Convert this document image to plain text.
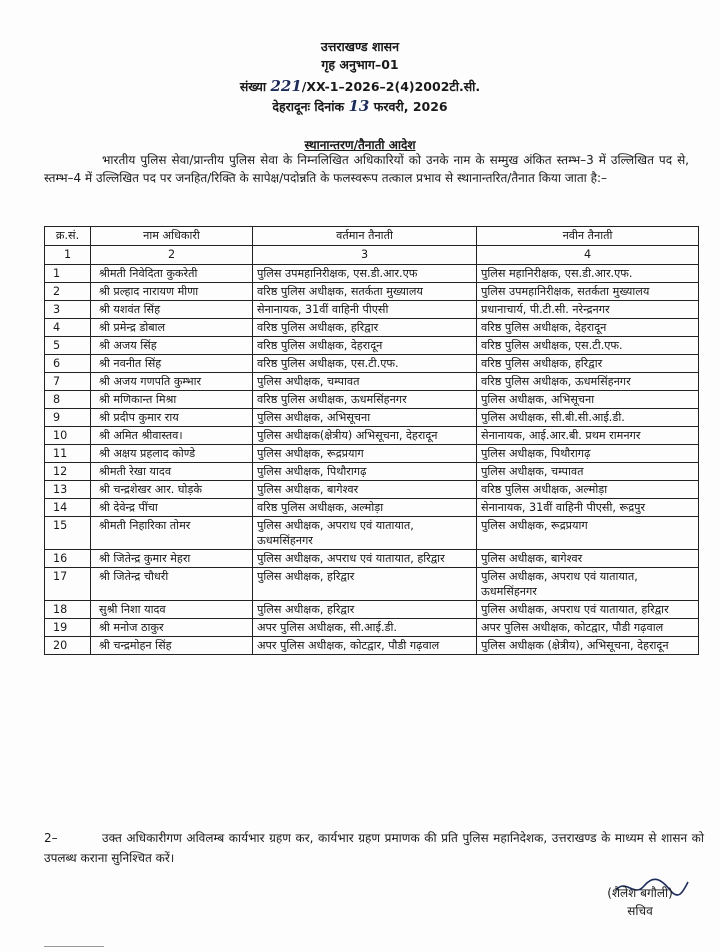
उत्तराखण्ड शासन
गृह अनुभाग–01
संख्या 221/XX-1–2026–2(4)2002टी.सी.
देहरादूनः दिनांक 13 फरवरी, 2026
स्थानान्तरण/तैनाती आदेश
भारतीय पुलिस सेवा/प्रान्तीय पुलिस सेवा के निम्नलिखित अधिकारियों को उनके नाम के सम्मुख अंकित स्तम्भ–3 में उल्लिखित पद से, स्तम्भ–4 में उल्लिखित पद पर जनहित/रिक्ति के सापेक्ष/पदोन्नति के फलस्वरूप तत्काल प्रभाव से स्थानान्तरित/तैनात किया जाता है:–
क्र.सं.	नाम अधिकारी	वर्तमान तैनाती	नवीन तैनाती
1	2	3	4
1	श्रीमती निवेदिता कुकरेती	पुलिस उपमहानिरीक्षक, एस.डी.आर.एफ	पुलिस महानिरीक्षक, एस.डी.आर.एफ.
2	श्री प्रल्हाद नारायण मीणा	वरिष्ठ पुलिस अधीक्षक, सतर्कता मुख्यालय	पुलिस उपमहानिरीक्षक, सतर्कता मुख्यालय
3	श्री यशवंत सिंह	सेनानायक, 31वीं वाहिनी पीएसी	प्रधानाचार्य, पी.टी.सी. नरेन्द्रनगर
4	श्री प्रमेन्द्र डोबाल	वरिष्ठ पुलिस अधीक्षक, हरिद्वार	वरिष्ठ पुलिस अधीक्षक, देहरादून
5	श्री अजय सिंह	वरिष्ठ पुलिस अधीक्षक, देहरादून	वरिष्ठ पुलिस अधीक्षक, एस.टी.एफ.
6	श्री नवनीत सिंह	वरिष्ठ पुलिस अधीक्षक, एस.टी.एफ.	वरिष्ठ पुलिस अधीक्षक, हरिद्वार
7	श्री अजय गणपति कुम्भार	पुलिस अधीक्षक, चम्पावत	वरिष्ठ पुलिस अधीक्षक, ऊधमसिंहनगर
8	श्री मणिकान्त मिश्रा	वरिष्ठ पुलिस अधीक्षक, ऊधमसिंहनगर	पुलिस अधीक्षक, अभिसूचना
9	श्री प्रदीप कुमार राय	पुलिस अधीक्षक, अभिसूचना	पुलिस अधीक्षक, सी.बी.सी.आई.डी.
10	श्री अमित श्रीवास्तव।	पुलिस अधीक्षक(क्षेत्रीय) अभिसूचना, देहरादून	सेनानायक, आई.आर.बी. प्रथम रामनगर
11	श्री अक्षय प्रहलाद कोण्डे	पुलिस अधीक्षक, रूद्रप्रयाग	पुलिस अधीक्षक, पिथौरागढ़
12	श्रीमती रेखा यादव	पुलिस अधीक्षक, पिथौरागढ़	पुलिस अधीक्षक, चम्पावत
13	श्री चन्द्रशेखर आर. घोड़के	पुलिस अधीक्षक, बागेश्वर	वरिष्ठ पुलिस अधीक्षक, अल्मोड़ा
14	श्री देवेन्द्र पींचा	वरिष्ठ पुलिस अधीक्षक, अल्मोड़ा	सेनानायक, 31वीं वाहिनी पीएसी, रूद्रपुर
15	श्रीमती निहारिका तोमर	पुलिस अधीक्षक, अपराध एवं यातायात, ऊधमसिंहनगर	पुलिस अधीक्षक, रूद्रप्रयाग
16	श्री जितेन्द्र कुमार मेहरा	पुलिस अधीक्षक, अपराध एवं यातायात, हरिद्वार	पुलिस अधीक्षक, बागेश्वर
17	श्री जितेन्द्र चौधरी	पुलिस अधीक्षक, हरिद्वार	पुलिस अधीक्षक, अपराध एवं यातायात, ऊधमसिंहनगर
18	सुश्री निशा यादव	पुलिस अधीक्षक, हरिद्वार	पुलिस अधीक्षक, अपराध एवं यातायात, हरिद्वार
19	श्री मनोज ठाकुर	अपर पुलिस अधीक्षक, सी.आई.डी.	अपर पुलिस अधीक्षक, कोटद्वार, पौडी गढ़वाल
20	श्री चन्द्रमोहन सिंह	अपर पुलिस अधीक्षक, कोटद्वार, पौडी गढ़वाल	पुलिस अधीक्षक (क्षेत्रीय), अभिसूचना, देहरादून
2–	उक्त अधिकारीगण अविलम्ब कार्यभार ग्रहण कर, कार्यभार ग्रहण प्रमाणक की प्रति पुलिस महानिदेशक, उत्तराखण्ड के माध्यम से शासन को उपलब्ध कराना सुनिश्चित करें।
(शैलेश बगौली)
सचिव
